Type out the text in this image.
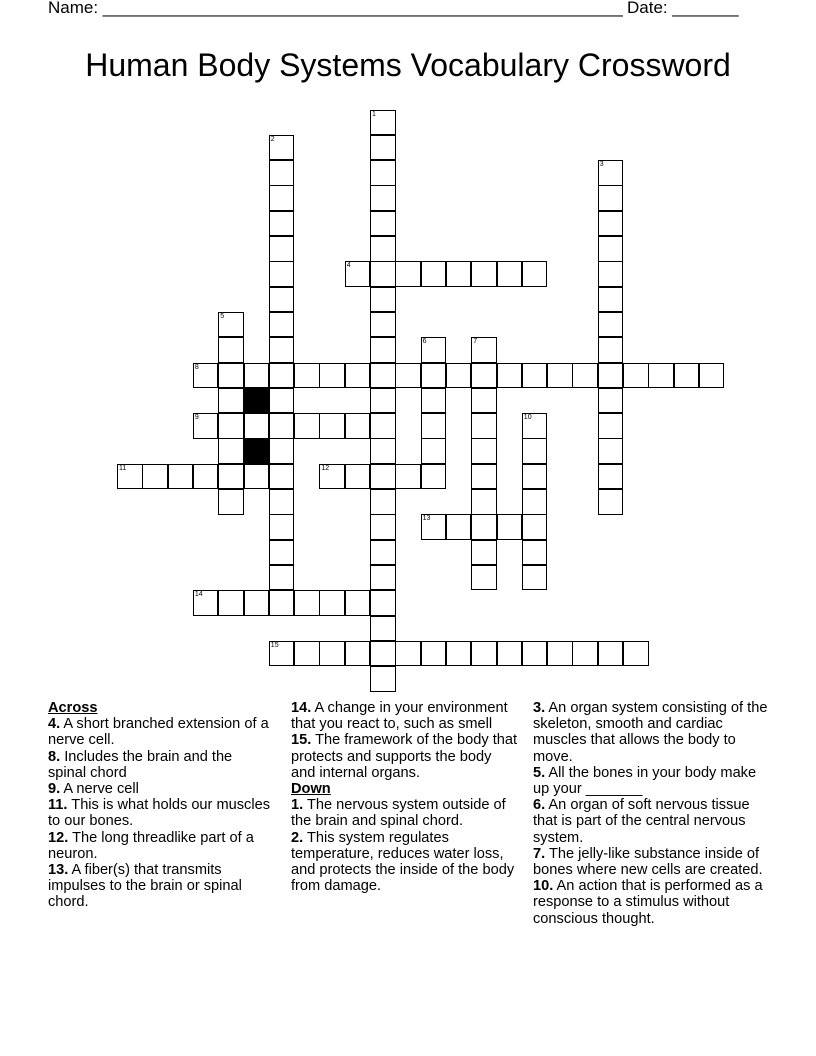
Name: _______________________________________________________ Date: _______
Human Body Systems Vocabulary Crossword
1
2
3
4
5
6	7
8
9	10
11	12
13
14
15

Across

4. A short branched extension of a nerve cell.

8. Includes the brain and the spinal chord

9. A nerve cell

11. This is what holds our muscles to our bones.

12. The long threadlike part of a neuron.

13. A fiber(s) that transmits impulses to the brain or spinal chord.

14. A change in your environment that you react to, such as smell

15. The framework of the body that protects and supports the body and internal organs.

Down

1. The nervous system outside of the brain and spinal chord.

2. This system regulates temperature, reduces water loss, and protects the inside of the body from damage.

3. An organ system consisting of the skeleton, smooth and cardiac muscles that allows the body to move.

5. All the bones in your body make up your _______

6. An organ of soft nervous tissue that is part of the central nervous system.

7. The jelly-like substance inside of bones where new cells are created.

10. An action that is performed as a response to a stimulus without conscious thought.
